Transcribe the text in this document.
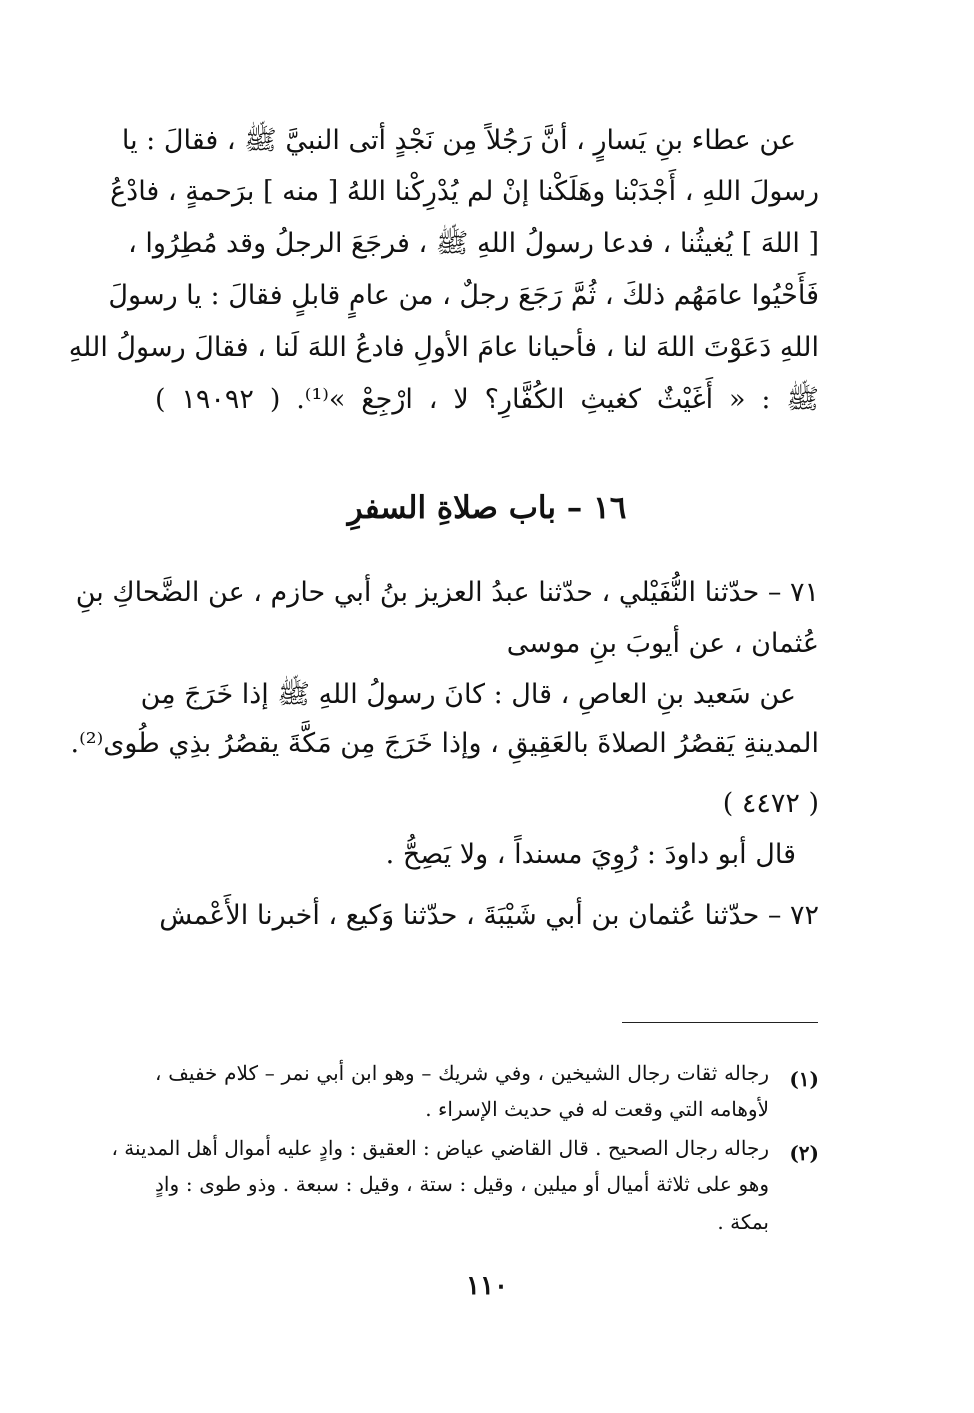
عن عطاء بنِ يَسارٍ ، أنَّ رَجُلاً مِن نَجْدٍ أتى النبيَّ ﷺ ، فقالَ : يا
رسولَ اللهِ ، أَجْدَبْنا وهَلَكْنا إنْ لم يُدْرِكْنا اللهُ [ منه ] برَحمةٍ ، فادْعُ
[ اللهَ ] يُغيثُنا ، فدعا رسولُ اللهِ ﷺ ، فرجَعَ الرجلُ وقد مُطِرُوا ،
فَأَحْيُوا عامَهُم ذلكَ ، ثُمَّ رَجَعَ رجلٌ ، من عامٍ قابلٍ فقالَ : يا رسولَ
اللهِ دَعَوْتَ اللهَ لنا ، فأحيانا عامَ الأولِ فادعُ اللهَ لَنا ، فقالَ رسولُ اللهِ
ﷺ : « أَغَيْثٌ كغيثِ الكُفَّارِ؟ لا ، ارْجِعْ »⁽¹⁾. ( ١٩٠٩٢ )
١٦ – باب صلاةِ السفرِ
٧١ – حدّثنا النُّفَيْلي ، حدّثنا عبدُ العزيز بنُ أبي حازم ، عن الضَّحاكِ بنِ
عُثمان ، عن أيوبَ بنِ موسى
عن سَعيد بنِ العاصِ ، قال : كانَ رسولُ اللهِ ﷺ إذا خَرَجَ مِن
المدينةِ يَقصُرُ الصلاةَ بالعَقِيقِ ، وإذا خَرَجَ مِن مَكَّةَ يقصُرُ بذِي طُوى⁽²⁾.
( ٤٤٧٢ )
قال أبو داودَ : رُوِيَ مسنداً ، ولا يَصِحُّ .
٧٢ – حدّثنا عُثمان بن أبي شَيْبَةَ ، حدّثنا وَكيع ، أخبرنا الأَعْمش
(١)
رجاله ثقات رجال الشيخين ، وفي شريك – وهو ابن أبي نمر – كلام خفيف ،
لأوهامه التي وقعت له في حديث الإسراء .
(٢)
رجاله رجال الصحيح . قال القاضي عياض : العقيق : وادٍ عليه أموال أهل المدينة ،
وهو على ثلاثة أميال أو ميلين ، وقيل : ستة ، وقيل : سبعة . وذو طوى : وادٍ
بمكة .
١١٠
